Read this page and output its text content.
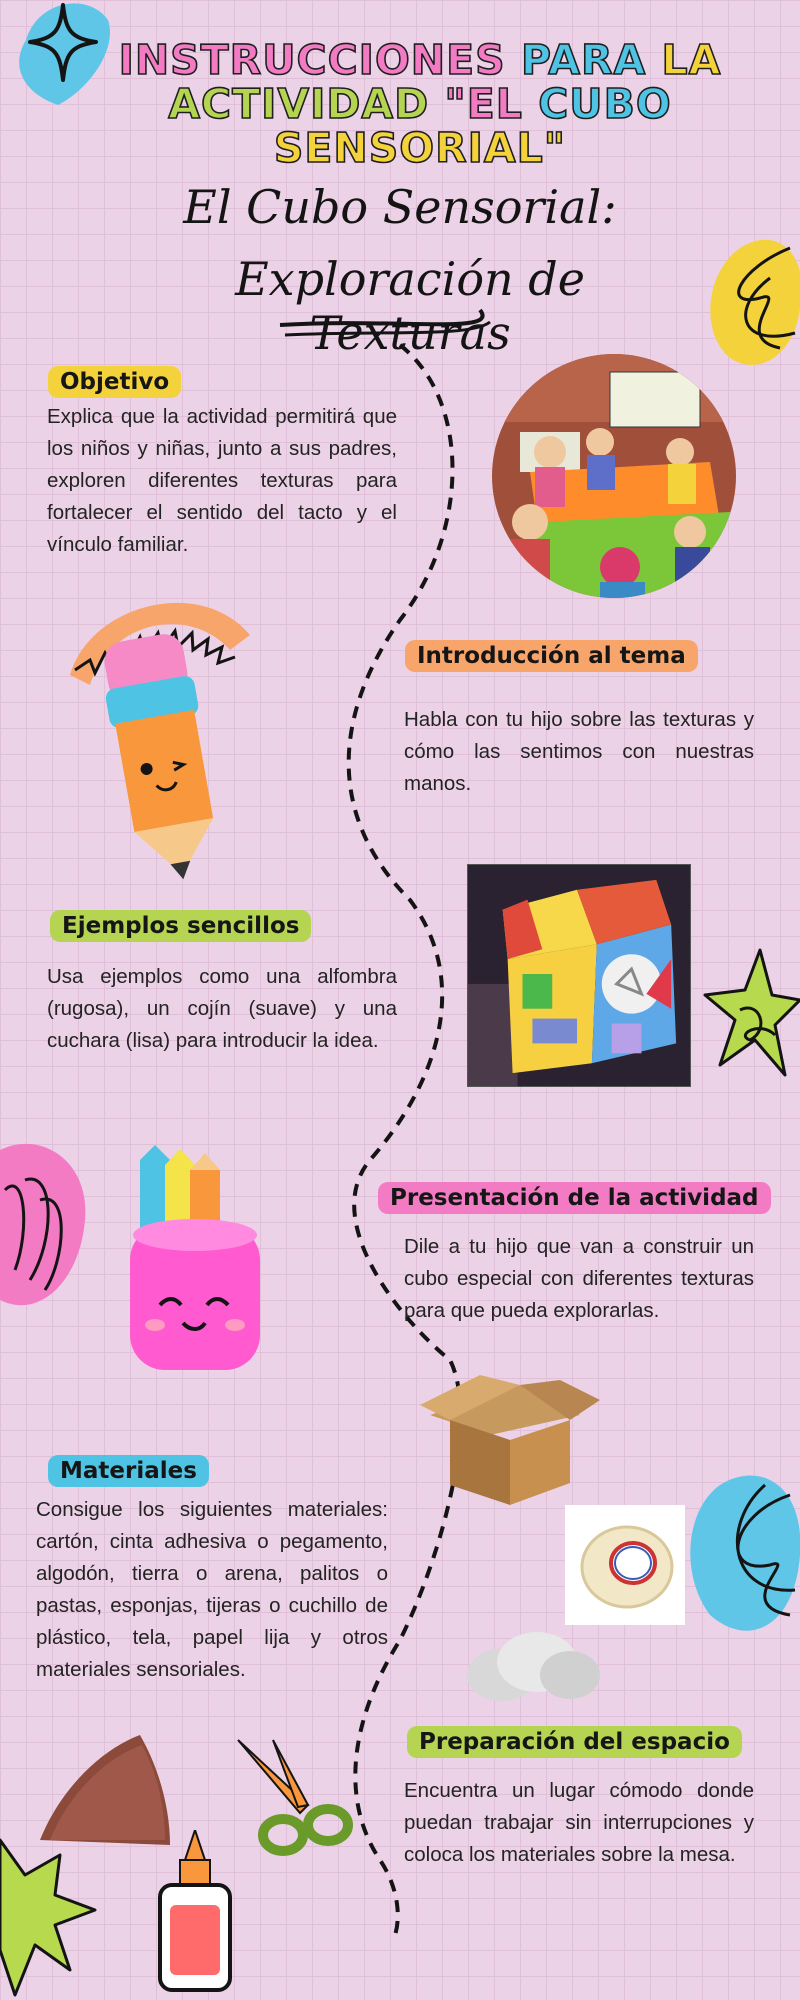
INSTRUCCIONES PARA LA
ACTIVIDAD "EL CUBO
SENSORIAL"
El Cubo Sensorial:
Exploración de Texturas
Objetivo
Explica que la actividad permitirá que los niños y niñas, junto a sus padres, exploren diferentes texturas para fortalecer el sentido del tacto y el vínculo familiar.
Introducción al tema
Habla con tu hijo sobre las texturas y cómo las sentimos con nuestras manos.
Ejemplos sencillos
Usa ejemplos como una alfombra (rugosa), un cojín (suave) y una cuchara (lisa) para introducir la idea.
Presentación de la actividad
Dile a tu hijo que van a construir un cubo especial con diferentes texturas para que pueda explorarlas.
Materiales
Consigue los siguientes materiales: cartón, cinta adhesiva o pegamento, algodón, tierra o arena, palitos o pastas, esponjas, tijeras o cuchillo de plástico, tela, papel lija y otros materiales sensoriales.
Preparación del espacio
Encuentra un lugar cómodo donde puedan trabajar sin interrupciones y coloca los materiales sobre la mesa.
